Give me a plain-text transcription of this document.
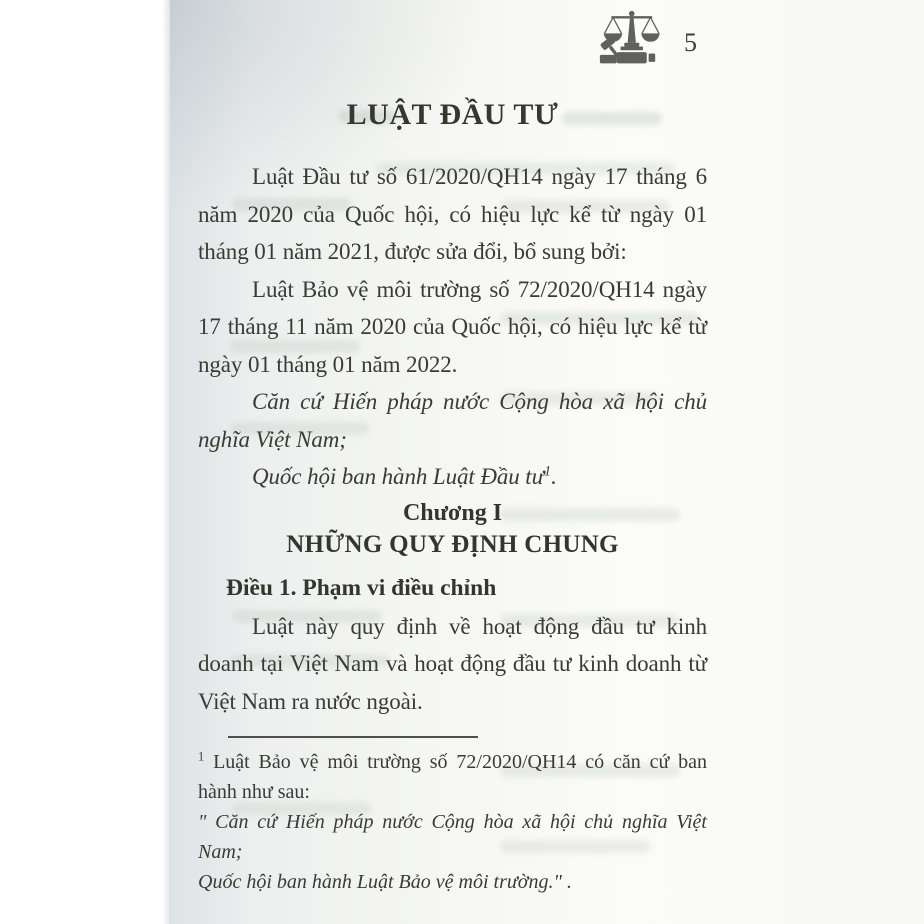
5
LUẬT ĐẦU TƯ

Luật Đầu tư số 61/2020/QH14 ngày 17 tháng 6 năm 2020 của Quốc hội, có hiệu lực kể từ ngày 01 tháng 01 năm 2021, được sửa đổi, bổ sung bởi:

Luật Bảo vệ môi trường số 72/2020/QH14 ngày 17 tháng 11 năm 2020 của Quốc hội, có hiệu lực kể từ ngày 01 tháng 01 năm 2022.

Căn cứ Hiến pháp nước Cộng hòa xã hội chủ nghĩa Việt Nam;

Quốc hội ban hành Luật Đầu $tư^1$.

Chương I
NHỮNG QUY ĐỊNH CHUNG
Điều 1. Phạm vi điều chỉnh

Luật này quy định về hoạt động đầu tư kinh doanh tại Việt Nam và hoạt động đầu tư kinh doanh từ Việt Nam ra nước ngoài.

$^1$ Luật Bảo vệ môi trường số 72/2020/QH14 có căn cứ ban hành như sau:

" Căn cứ Hiến pháp nước Cộng hòa xã hội chủ nghĩa Việt Nam;

Quốc hội ban hành Luật Bảo vệ môi trường." .
